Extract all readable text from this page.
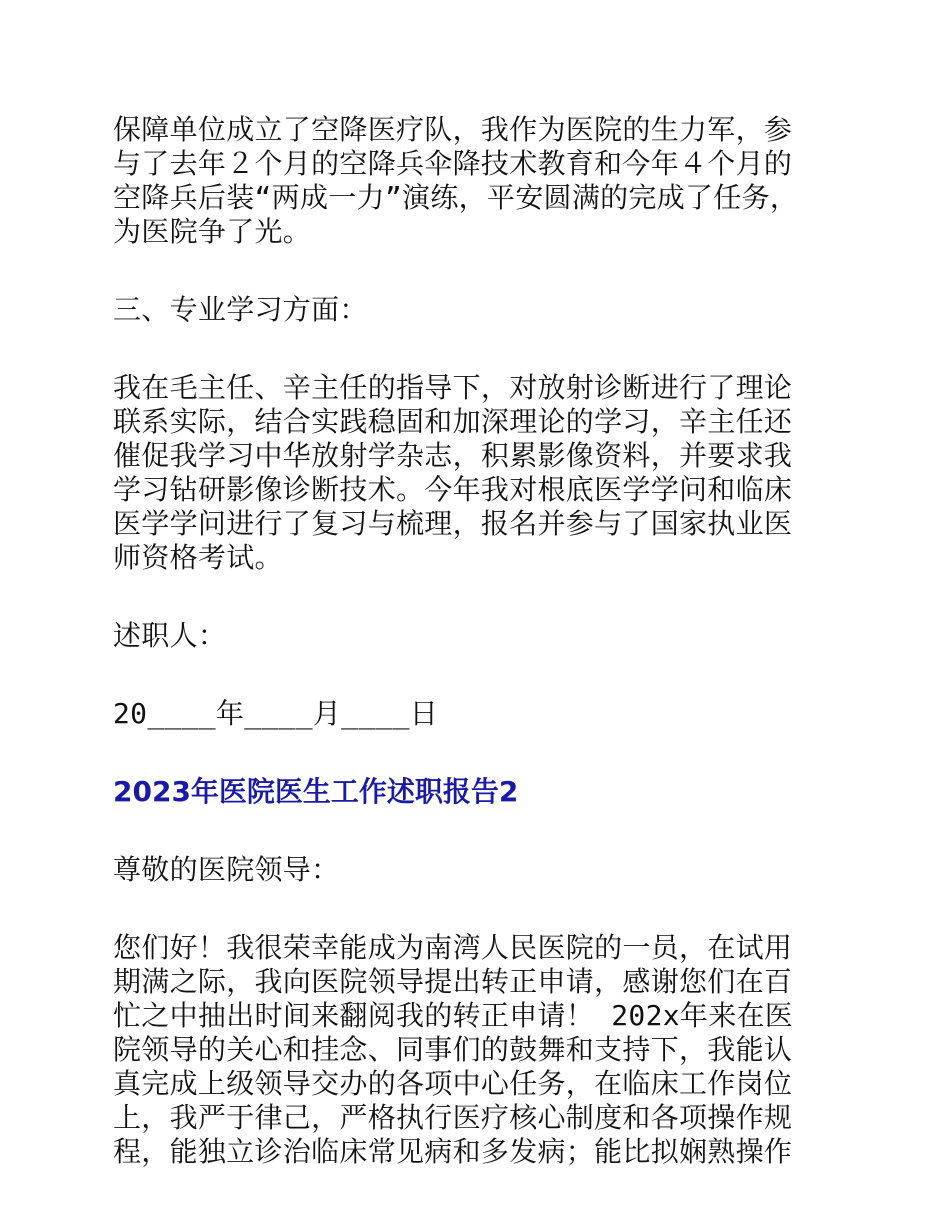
保障单位成立了空降医疗队，我作为医院的生力军，参
与了去年２个月的空降兵伞降技术教育和今年４个月的
空降兵后装“两成一力”演练，平安圆满的完成了任务，
为医院争了光。

三、专业学习方面：

我在毛主任、辛主任的指导下，对放射诊断进行了理论
联系实际，结合实践稳固和加深理论的学习，辛主任还
催促我学习中华放射学杂志，积累影像资料，并要求我
学习钻研影像诊断技术。今年我对根底医学学问和临床
医学学问进行了复习与梳理，报名并参与了国家执业医
师资格考试。

述职人：

20____年____月____日

2023年医院医生工作述职报告2

尊敬的医院领导：

您们好！我很荣幸能成为南湾人民医院的一员，在试用
期满之际，我向医院领导提出转正申请，感谢您们在百
忙之中抽出时间来翻阅我的转正申请！ 202x年来在医
院领导的关心和挂念、同事们的鼓舞和支持下，我能认
真完成上级领导交办的各项中心任务，在临床工作岗位
上，我严于律己，严格执行医疗核心制度和各项操作规
程，能独立诊治临床常见病和多发病；能比拟娴熟操作
